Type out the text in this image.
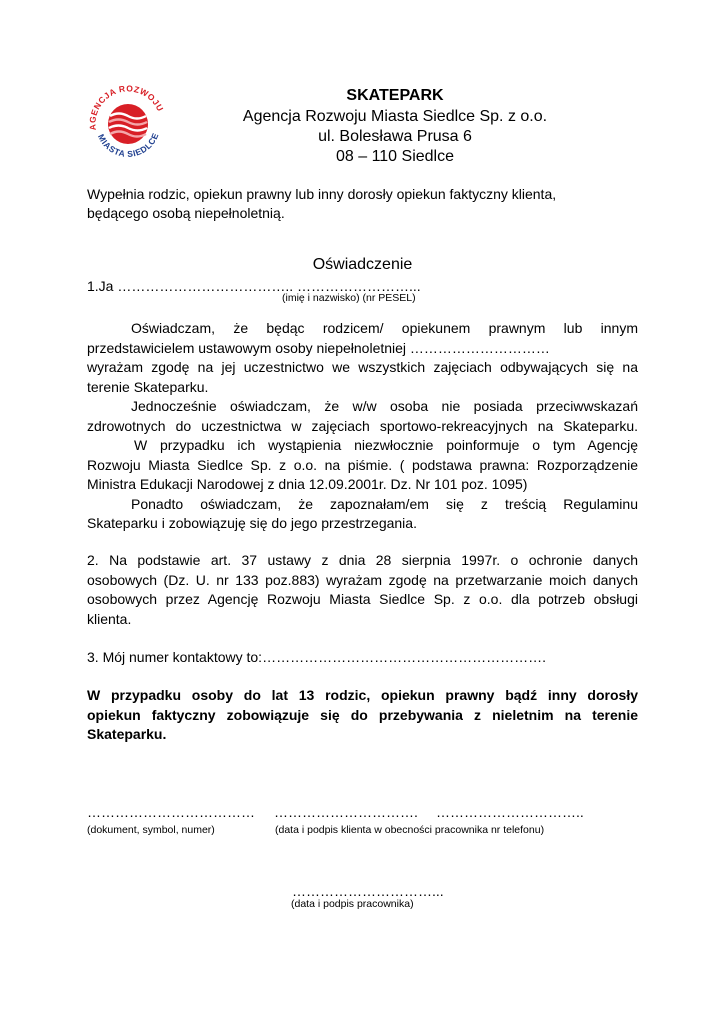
AGENCJA ROZWOJU
MIASTA SIEDLCE
SKATEPARK
Agencja Rozwoju Miasta Siedlce Sp. z o.o.
ul. Bolesława Prusa 6
08 – 110 Siedlce
Wypełnia rodzic, opiekun prawny lub inny dorosły opiekun faktyczny klienta,
będącego osobą niepełnoletnią.
Oświadczenie
1.Ja ……………………………….. ……………………...
(imię i nazwisko) (nr PESEL)
Oświadczam, że będąc rodzicem/ opiekunem prawnym lub innym
przedstawicielem ustawowym osoby niepełnoletniej …………………………
wyrażam zgodę na jej uczestnictwo we wszystkich zajęciach odbywających się na
terenie Skateparku.
Jednocześnie oświadczam, że w/w osoba nie posiada przeciwwskazań
zdrowotnych do uczestnictwa w zajęciach sportowo-rekreacyjnych na Skateparku.
W przypadku ich wystąpienia niezwłocznie poinformuje o tym Agencję
Rozwoju Miasta Siedlce Sp. z o.o. na piśmie. ( podstawa prawna: Rozporządzenie
Ministra Edukacji Narodowej z dnia 12.09.2001r. Dz. Nr 101 poz. 1095)
Ponadto oświadczam, że zapoznałam/em się z treścią Regulaminu
Skateparku i zobowiązuję się do jego przestrzegania.
2. Na podstawie art. 37 ustawy z dnia 28 sierpnia 1997r. o ochronie danych
osobowych (Dz. U. nr 133 poz.883) wyrażam zgodę na przetwarzanie moich danych
osobowych przez Agencję Rozwoju Miasta Siedlce Sp. z o.o. dla potrzeb obsługi
klienta.
3. Mój numer kontaktowy to:…………………………………………………….
W przypadku osoby do lat 13 rodzic, opiekun prawny bądź inny dorosły
opiekun faktyczny zobowiązuje się do przebywania z nieletnim na terenie
Skateparku.
……………………………… …………………………. …………………………..
(dokument, symbol, numer)	(data i podpis klienta w obecności pracownika nr telefonu)
…………………………...
(data i podpis pracownika)
